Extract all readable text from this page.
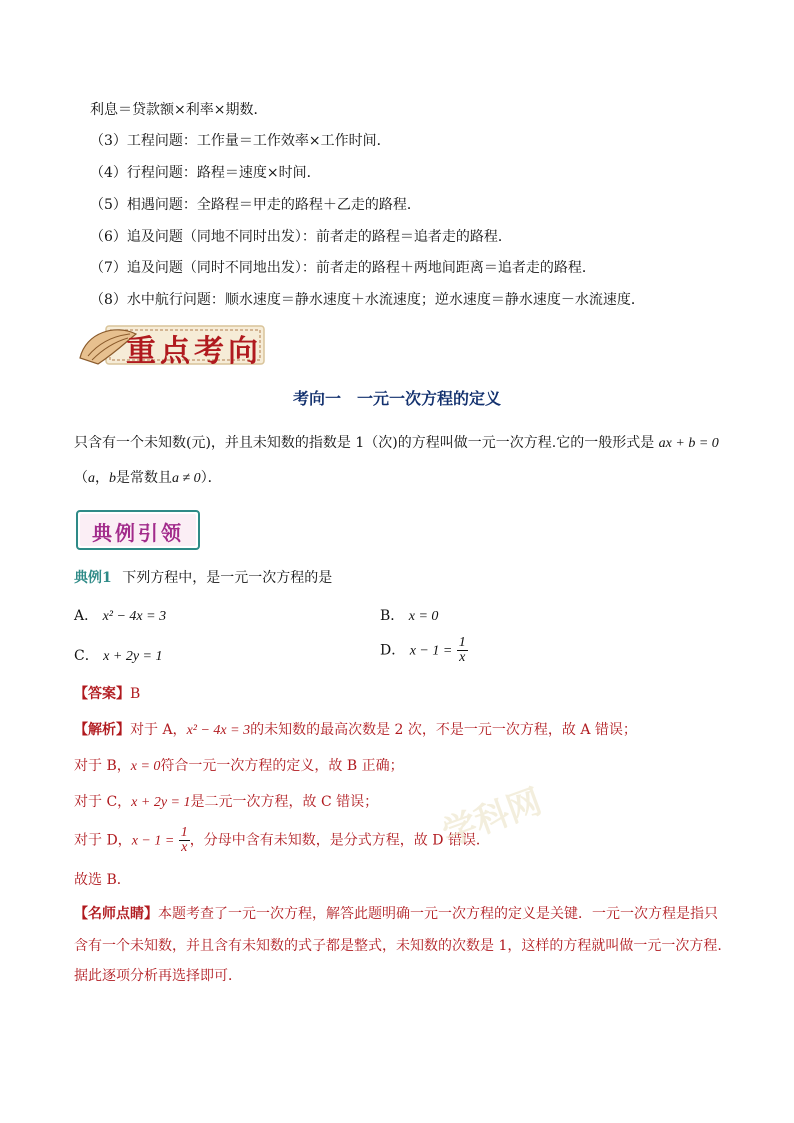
利息＝贷款额×利率×期数．
（3）工程问题：工作量＝工作效率×工作时间．
（4）行程问题：路程＝速度×时间．
（5）相遇问题：全路程＝甲走的路程＋乙走的路程．
（6）追及问题（同地不同时出发）：前者走的路程＝追者走的路程．
（7）追及问题（同时不同地出发）：前者走的路程＋两地间距离＝追者走的路程．
（8）水中航行问题：顺水速度＝静水速度＋水流速度；逆水速度＝静水速度－水流速度．
重点考向
考向一　一元一次方程的定义
只含有一个未知数(元)，并且未知数的指数是 1（次)的方程叫做一元一次方程.它的一般形式是 ax + b = 0
（a，b是常数且a ≠ 0）．
典例引领
典例1 下列方程中，是一元一次方程的是
A． x² − 4x = 3	B． x = 0
C． x + 2y = 1	D． $x - 1 = \frac{1}{x}$
【答案】B
【解析】对于 A，x² − 4x = 3的未知数的最高次数是 2 次，不是一元一次方程，故 A 错误；
对于 B，x = 0符合一元一次方程的定义，故 B 正确；
对于 C，x + 2y = 1是二元一次方程，故 C 错误；
对于 D，$x - 1 = \frac{1}{x}$ ，分母中含有未知数，是分式方程，故 D 错误．
故选 B．
【名师点睛】本题考查了一元一次方程，解答此题明确一元一次方程的定义是关键．一元一次方程是指只
含有一个未知数，并且含有未知数的式子都是整式，未知数的次数是 1，这样的方程就叫做一元一次方程.
据此逐项分析再选择即可．
学科网
